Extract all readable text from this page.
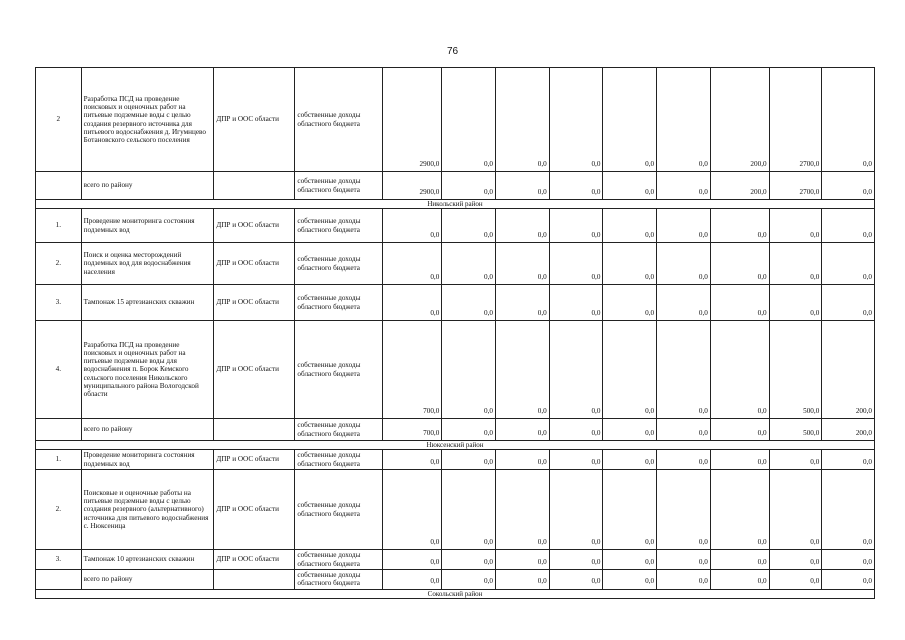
76
2	Разработка ПСД на проведение поисковых и оценочных работ на питьевые подземные воды с целью создания резервного источника для питьевого водоснабжения д. Игумнцево Ботановского сельского поселения	ДПР и ООС области	собственные доходы областного бюджета	2900,0	0,0	0,0	0,0	0,0	0,0	200,0	2700,0	0,0
	всего по району		собственные доходы областного бюджета	2900,0	0,0	0,0	0,0	0,0	0,0	200,0	2700,0	0,0
Никольский район												
1.	Проведение мониторинга состояния подземных вод	ДПР и ООС области	собственные доходы областного бюджета	0,0	0,0	0,0	0,0	0,0	0,0	0,0	0,0	0,0
2.	Поиск и оценка месторождений подземных вод для водоснабжения населения	ДПР и ООС области	собственные доходы областного бюджета	0,0	0,0	0,0	0,0	0,0	0,0	0,0	0,0	0,0
3.	Тампонаж 15 артезианских скважин	ДПР и ООС области	собственные доходы областного бюджета	0,0	0,0	0,0	0,0	0,0	0,0	0,0	0,0	0,0
4.	Разработка ПСД на проведение поисковых и оценочных работ на питьевые подземные воды для водоснабжения п. Борок Кемского сельского поселения Никольского муниципального района Вологодской области	ДПР и ООС области	собственные доходы областного бюджета	700,0	0,0	0,0	0,0	0,0	0,0	0,0	500,0	200,0
	всего по району		собственные доходы областного бюджета	700,0	0,0	0,0	0,0	0,0	0,0	0,0	500,0	200,0
Нюксенский район												
1.	Проведение мониторинга состояния подземных вод	ДПР и ООС области	собственные доходы областного бюджета	0,0	0,0	0,0	0,0	0,0	0,0	0,0	0,0	0,0
2.	Поисковые и оценочные работы на питьевые подземные воды с целью создания резервного (альтернативного) источника для питьевого водоснабжения с. Нюксеница	ДПР и ООС области	собственные доходы областного бюджета	0,0	0,0	0,0	0,0	0,0	0,0	0,0	0,0	0,0
3.	Тампонаж 10 артезианских скважин	ДПР и ООС области	собственные доходы областного бюджета	0,0	0,0	0,0	0,0	0,0	0,0	0,0	0,0	0,0
	всего по району		собственные доходы областного бюджета	0,0	0,0	0,0	0,0	0,0	0,0	0,0	0,0	0,0
Сокольский район												
